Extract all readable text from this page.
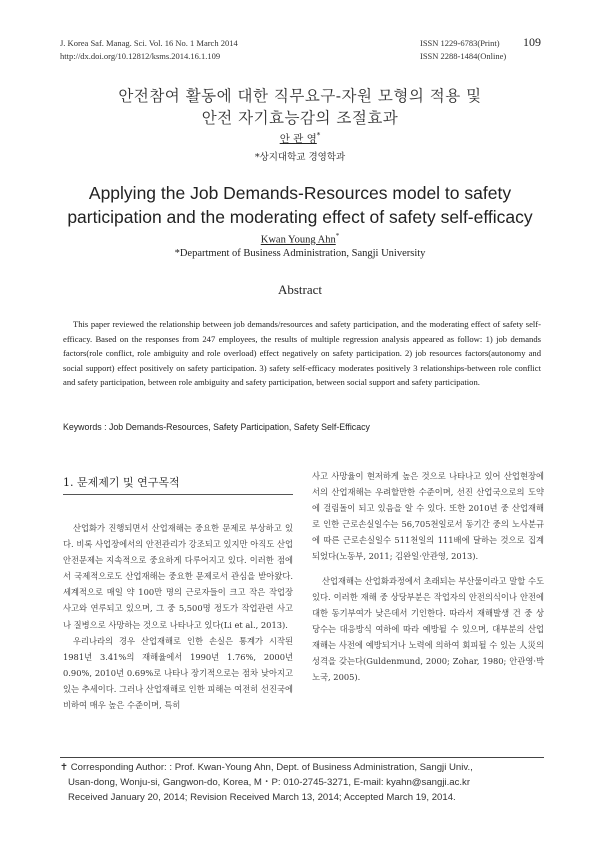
J. Korea Saf. Manag. Sci. Vol. 16 No. 1 March 2014
http://dx.doi.org/10.12812/ksms.2014.16.1.109
ISSN 1229-6783(Print)
ISSN 2288-1484(Online)
109
안전참여 활동에 대한 직무요구-자원 모형의 적용 및
안전 자기효능감의 조절효과
안 관 영*
*상지대학교 경영학과
Applying the Job Demands-Resources model to safety
participation and the moderating effect of safety self-efficacy
Kwan Young Ahn*
*Department of Business Administration, Sangji University
Abstract
This paper reviewed the relationship between job demands/resources and safety participation, and the moderating effect of safety self-efficacy. Based on the responses from 247 employees, the results of multiple regression analysis appeared as follow: 1) job demands factors(role conflict, role ambiguity and role overload) effect negatively on safety participation. 2) job resources factors(autonomy and social support) effect positively on safety participation. 3) safety self-efficacy moderates positively 3 relationships-between role conflict and safety participation, between role ambiguity and safety participation, between social support and safety participation.
Keywords : Job Demands-Resources, Safety Participation, Safety Self-Efficacy
1. 문제제기 및 연구목적

산업화가 진행되면서 산업재해는 중요한 문제로 부상하고 있다. 비록 사업장에서의 안전관리가 강조되고 있지만 아직도 산업안전문제는 지속적으로 중요하게 다루어지고 있다. 이러한 점에서 국제적으로도 산업재해는 중요한 문제로서 관심을 받아왔다. 세계적으로 매일 약 100만 명의 근로자들이 크고 작은 작업장 사고와 연루되고 있으며, 그 중 5,500명 정도가 작업관련 사고나 질병으로 사망하는 것으로 나타나고 있다(Li et al., 2013).

우리나라의 경우 산업재해로 인한 손실은 통계가 시작된 1981년 3.41%의 재해율에서 1990년 1.76%, 2000년 0.90%, 2010년 0.69%로 나타나 장기적으로는 점차 낮아지고 있는 추세이다. 그러나 산업재해로 인한 피해는 여전히 선진국에 비하여 매우 높은 수준이며, 특히

사고 사망율이 현저하게 높은 것으로 나타나고 있어 산업현장에서의 산업재해는 우려할만한 수준이며, 선진 산업국으로의 도약에 걸림돌이 되고 있음을 알 수 있다. 또한 2010년 중 산업재해로 인한 근로손실일수는 56,705천일로서 동기간 중의 노사분규에 따른 근로손실일수 511천일의 111배에 달하는 것으로 집계되었다(노동부, 2011; 김완일·안관영, 2013).

산업재해는 산업화과정에서 초래되는 부산물이라고 말할 수도 있다. 이러한 재해 중 상당부분은 작업자의 안전의식이나 안전에 대한 동기부여가 낮은데서 기인한다. 따라서 재해발생 건 중 상당수는 대응방식 여하에 따라 예방될 수 있으며, 대부분의 산업재해는 사전에 예방되거나 노력에 의하여 회피될 수 있는 人災의 성격을 갖는다(Guldenmund, 2000; Zohar, 1980; 안관영·박노국, 2005).

✝ Corresponding Author: : Prof. Kwan-Young Ahn, Dept. of Business Administration, Sangji Univ.,
Usan-dong, Wonju-si, Gangwon-do, Korea, M・P: 010-2745-3271, E-mail: kyahn@sangji.ac.kr
Received January 20, 2014; Revision Received March 13, 2014; Accepted March 19, 2014.
